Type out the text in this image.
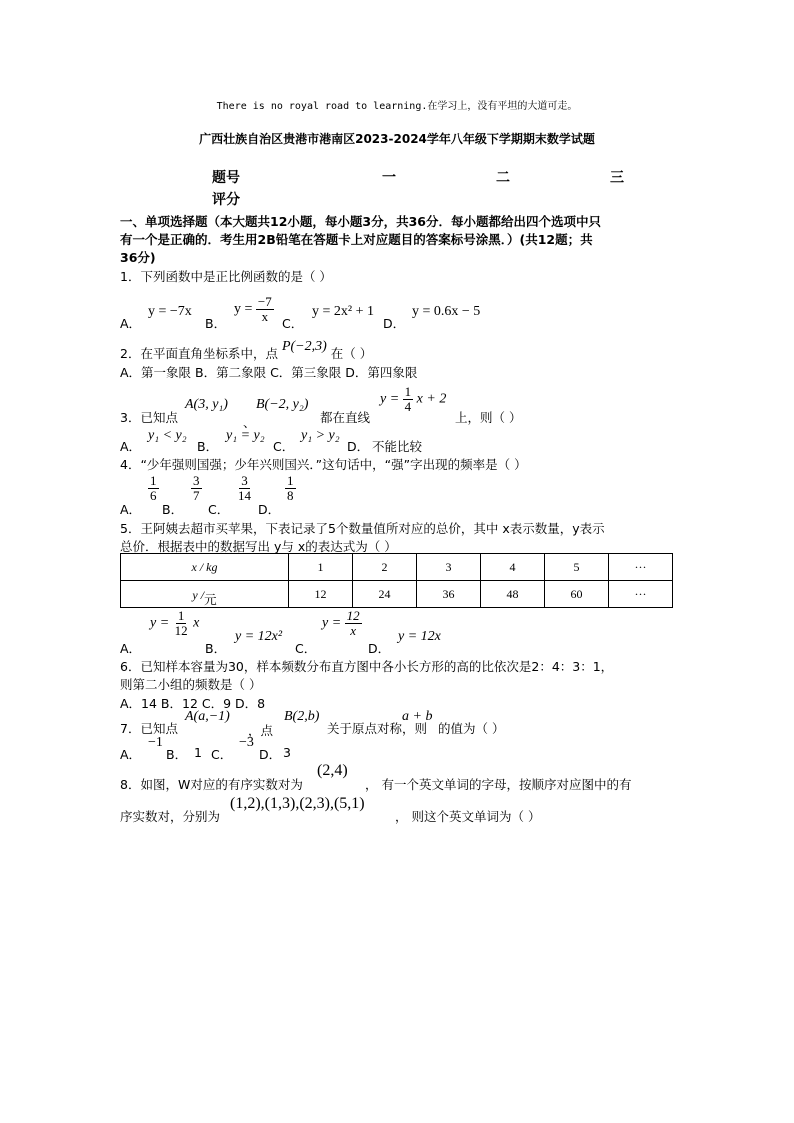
There is no royal road to learning.在学习上，没有平坦的大道可走。
广西壮族自治区贵港市港南区2023-2024学年八年级下学期期末数学试题
题号	一	二	三
评分
一、单项选择题（本大题共12小题，每小题3分，共36分．每小题都给出四个选项中只
有一个是正确的．考生用2B铅笔在答题卡上对应题目的答案标号涂黑．）(共12题；共
36分)
1．下列函数中是正比例函数的是（ ）
A．
y = −7x
B．
$y = \frac{-7}{x}$ C．
y = 2x² + 1
D．
y = 0.6x − 5
2．在平面直角坐标系中，点 P(−2,3) 在（ ）
A．第一象限 B．第二象限 C．第三象限 D．第四象限
3．已知点
A(3, y₁)
、
B(−2, y₂)
都在直线
$y = \frac{1}{4}$ x + 2
上，则（ ）
A．
y₁ < y₂
B．
y₁ = y₂
C．
y₁ > y₂
D． 不能比较
4．“少年强则国强；少年兴则国兴．”这句话中，“强”字出现的频率是（ ）
A．
$\frac{1}{6}$
B．
$\frac{3}{7}$
C．
$\frac{3}{14}$
D．
$\frac{1}{8}$
5．王阿姨去超市买苹果，下表记录了5个数量值所对应的总价，其中 x表示数量，y表示
总价．根据表中的数据写出 y与 x的表达式为（ ）
x / kg	1	2	3	4	5	···
y /元	12	24	36	48	60	···
A．
$y = \frac{1}{12}$ x
B．
y = 12x²
C．
$y = \frac{12}{x}$
D．
y = 12x
6．已知样本容量为30，样本频数分布直方图中各小长方形的高的比依次是2：4：3：1，
则第二小组的频数是（ ）
A．14 B．12 C．9 D．8
7．已知点
A(a,−1)
，点
B(2,b)
关于原点对称，则
a + b
的值为（ ）
A．
−1
B． 1 C．
−3
D． 3
8．如图，W对应的有序实数对为
(2,4)
， 有一个英文单词的字母，按顺序对应图中的有
序实数对，分别为
(1,2),(1,3),(2,3),(5,1)
， 则这个英文单词为（ ）
